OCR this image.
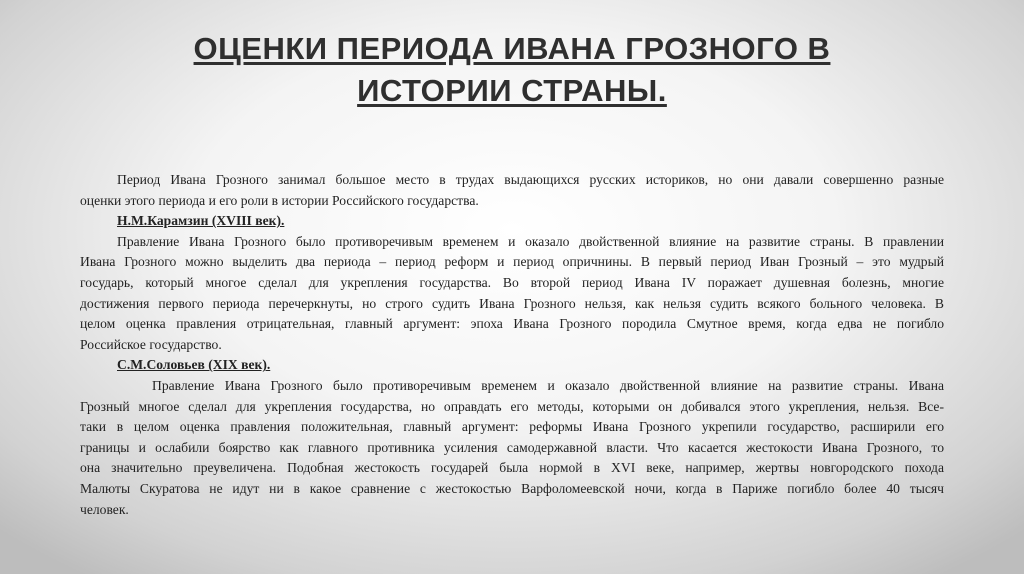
ОЦЕНКИ ПЕРИОДА ИВАНА ГРОЗНОГО В
ИСТОРИИ СТРАНЫ.
Период Ивана Грозного занимал большое место в трудах выдающихся русских историков, но они давали совершенно разные
оценки этого периода и его роли в истории Российского государства.
Н.М.Карамзин (XVIII век).
Правление Ивана Грозного было противоречивым временем и оказало двойственной влияние на развитие страны. В правлении
Ивана Грозного можно выделить два периода – период реформ и период опричнины. В первый период Иван Грозный – это мудрый
государь, который многое сделал для укрепления государства. Во второй период Ивана IV поражает душевная болезнь, многие
достижения первого периода перечеркнуты, но строго судить Ивана Грозного нельзя, как нельзя судить всякого больного человека. В
целом оценка правления отрицательная, главный аргумент: эпоха Ивана Грозного породила Смутное время, когда едва не погибло
Российское государство.
С.М.Соловьев (XIX век).
Правление Ивана Грозного было противоречивым временем и оказало двойственной влияние на развитие страны. Ивана
Грозный многое сделал для укрепления государства, но оправдать его методы, которыми он добивался этого укрепления, нельзя. Все-
таки в целом оценка правления положительная, главный аргумент: реформы Ивана Грозного укрепили государство, расширили его
границы и ослабили боярство как главного противника усиления самодержавной власти. Что касается жестокости Ивана Грозного, то
она значительно преувеличена. Подобная жестокость государей была нормой в XVI веке, например, жертвы новгородского похода
Малюты Скуратова не идут ни в какое сравнение с жестокостью Варфоломеевской ночи, когда в Париже погибло более 40 тысяч
человек.
